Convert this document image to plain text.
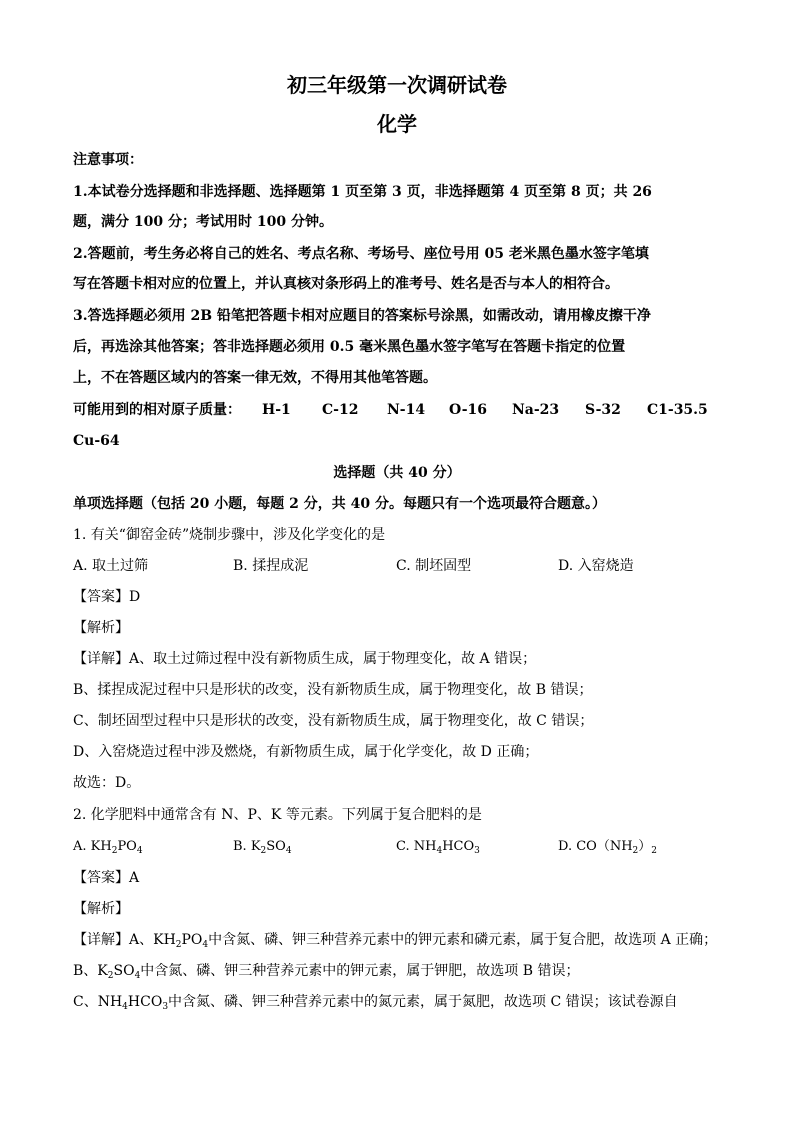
初三年级第一次调研试卷
化学
注意事项：
1.本试卷分选择题和非选择题、选择题第 1 页至第 3 页，非选择题第 4 页至第 8 页；共 26
题，满分 100 分；考试用时 100 分钟。
2.答题前，考生务必将自己的姓名、考点名称、考场号、座位号用 05 老米黑色墨水签字笔填
写在答题卡相对应的位置上，并认真核对条形码上的准考号、姓名是否与本人的相符合。
3.答选择题必须用 2B 铅笔把答题卡相对应题目的答案标号涂黑，如需改动，请用橡皮擦干净
后，再选涂其他答案；答非选择题必须用 0.5 毫米黑色墨水签字笔写在答题卡指定的位置
上，不在答题区域内的答案一律无效，不得用其他笔答题。
可能用到的相对原子质量： H-1 C-12 N-14 O-16 Na-23 S-32 C1-35.5
Cu-64
选择题（共 40 分）
单项选择题（包括 20 小题，每题 2 分，共 40 分。每题只有一个选项最符合题意。）
1. 有关“御窑金砖”烧制步骤中，涉及化学变化的是
A. 取土过筛	B. 揉捏成泥	C. 制坯固型	D. 入窑烧造
【答案】D
【解析】
【详解】A、取土过筛过程中没有新物质生成，属于物理变化，故 A 错误；
B、揉捏成泥过程中只是形状的改变，没有新物质生成，属于物理变化，故 B 错误；
C、制坯固型过程中只是形状的改变，没有新物质生成，属于物理变化，故 C 错误；
D、入窑烧造过程中涉及燃烧，有新物质生成，属于化学变化，故 D 正确；
故选：D。
2. 化学肥料中通常含有 N、P、K 等元素。下列属于复合肥料的是
A. $KH_2PO_4$	B. $K_2SO_4$	C. $NH_4HCO_3$	D. $CO(NH_2)_2$
【答案】A
【解析】
【详解】A、$KH_2PO_4$中含氮、磷、钾三种营养元素中的钾元素和磷元素，属于复合肥，故选项 A 正确；
B、$K_2SO_4$中含氮、磷、钾三种营养元素中的钾元素，属于钾肥，故选项 B 错误；
C、$NH_4HCO_3$中含氮、磷、钾三种营养元素中的氮元素，属于氮肥，故选项 C 错误；该试卷源自
